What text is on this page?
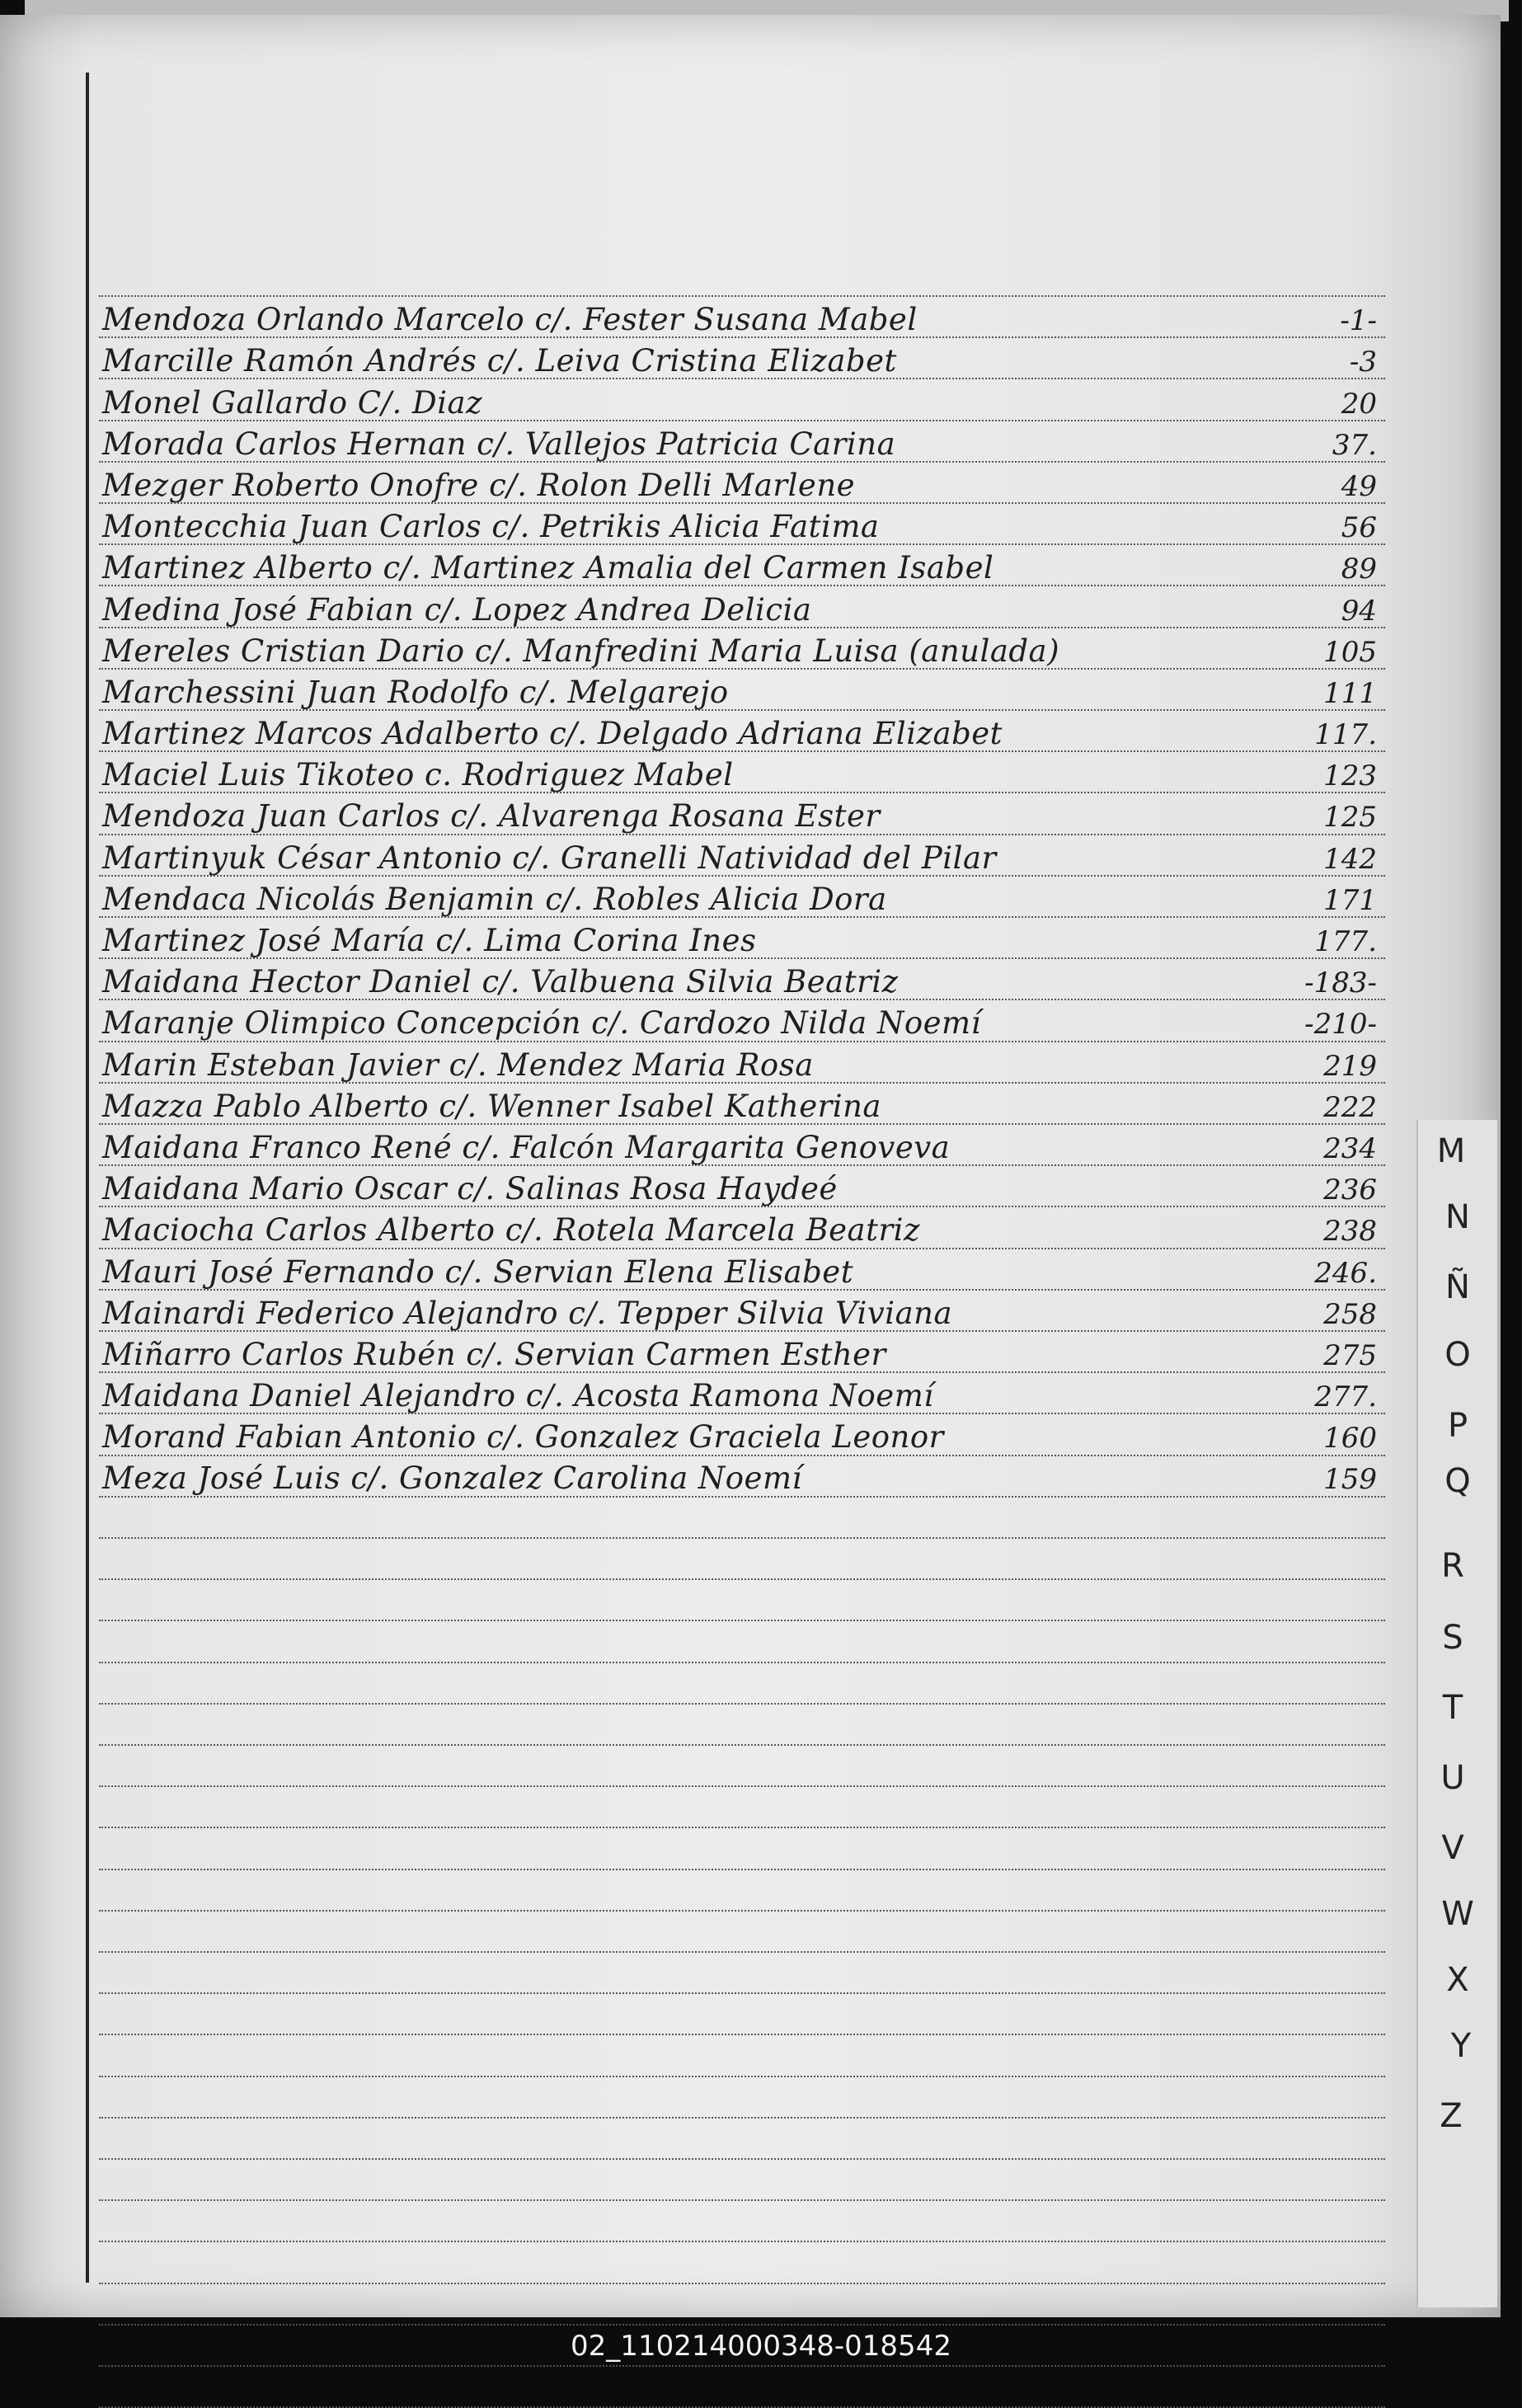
Mendoza Orlando Marcelo c/. Fester Susana Mabel	-1-
Marcille Ramón Andrés c/. Leiva Cristina Elizabet	-3
Monel Gallardo C/. Diaz	20
Morada Carlos Hernan c/. Vallejos Patricia Carina	37.
Mezger Roberto Onofre c/. Rolon Delli Marlene	49
Montecchia Juan Carlos c/. Petrikis Alicia Fatima	56
Martinez Alberto c/. Martinez Amalia del Carmen Isabel	89
Medina José Fabian c/. Lopez Andrea Delicia	94
Mereles Cristian Dario c/. Manfredini Maria Luisa (anulada)	105
Marchessini Juan Rodolfo c/. Melgarejo	111
Martinez Marcos Adalberto c/. Delgado Adriana Elizabet	117.
Maciel Luis Tikoteo c. Rodriguez Mabel	123
Mendoza Juan Carlos c/. Alvarenga Rosana Ester	125
Martinyuk César Antonio c/. Granelli Natividad del Pilar	142
Mendaca Nicolás Benjamin c/. Robles Alicia Dora	171
Martinez José María c/. Lima Corina Ines	177.
Maidana Hector Daniel c/. Valbuena Silvia Beatriz	-183-
Maranje Olimpico Concepción c/. Cardozo Nilda Noemí	-210-
Marin Esteban Javier c/. Mendez Maria Rosa	219
Mazza Pablo Alberto c/. Wenner Isabel Katherina	222
Maidana Franco René c/. Falcón Margarita Genoveva	234
Maidana Mario Oscar c/. Salinas Rosa Haydeé	236
Maciocha Carlos Alberto c/. Rotela Marcela Beatriz	238
Mauri José Fernando c/. Servian Elena Elisabet	246.
Mainardi Federico Alejandro c/. Tepper Silvia Viviana	258
Miñarro Carlos Rubén c/. Servian Carmen Esther	275
Maidana Daniel Alejandro c/. Acosta Ramona Noemí	277.
Morand Fabian Antonio c/. Gonzalez Graciela Leonor	160
Meza José Luis c/. Gonzalez Carolina Noemí	159
M
N
Ñ
O
P
Q
R
S
T
U
V
W
X
Y
Z
02_110214000348-018542
